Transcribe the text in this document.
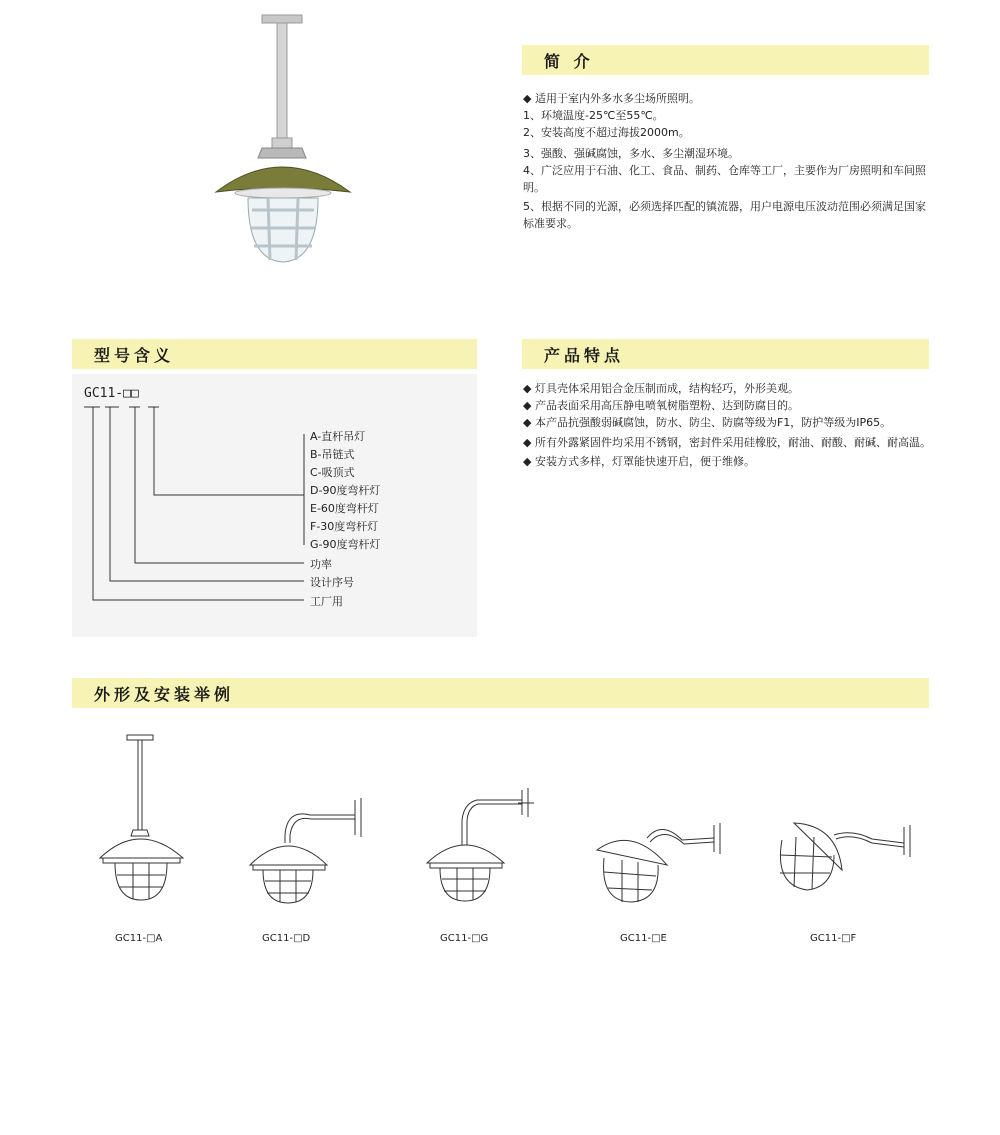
简 介
◆ 适用于室内外多水多尘场所照明。
1、环境温度-25℃至55℃。
2、安装高度不超过海拔2000m。
3、强酸、强碱腐蚀，多水、多尘潮湿环境。
4、广泛应用于石油、化工、食品、制药、仓库等工厂，主要作为厂房照明和车间照明。
5、根据不同的光源，必须选择匹配的镇流器，用户电源电压波动范围必须满足国家标准要求。
型号含义
GC11-□□
A-直杆吊灯
B-吊链式
C-吸顶式
D-90度弯杆灯
E-60度弯杆灯
F-30度弯杆灯
G-90度弯杆灯
功率
设计序号
工厂用
产品特点
◆ 灯具壳体采用铝合金压制而成，结构轻巧，外形美观。
◆ 产品表面采用高压静电喷氧树脂塑粉、达到防腐目的。
◆ 本产品抗强酸弱碱腐蚀，防水、防尘、防腐等级为F1，防护等级为IP65。
◆ 所有外露紧固件均采用不锈钢，密封件采用硅橡胶，耐油、耐酸、耐碱、耐高温。
◆ 安装方式多样，灯罩能快速开启，便于维修。
外形及安装举例
GC11-□A	GC11-□D	GC11-□G	GC11-□E	GC11-□F
